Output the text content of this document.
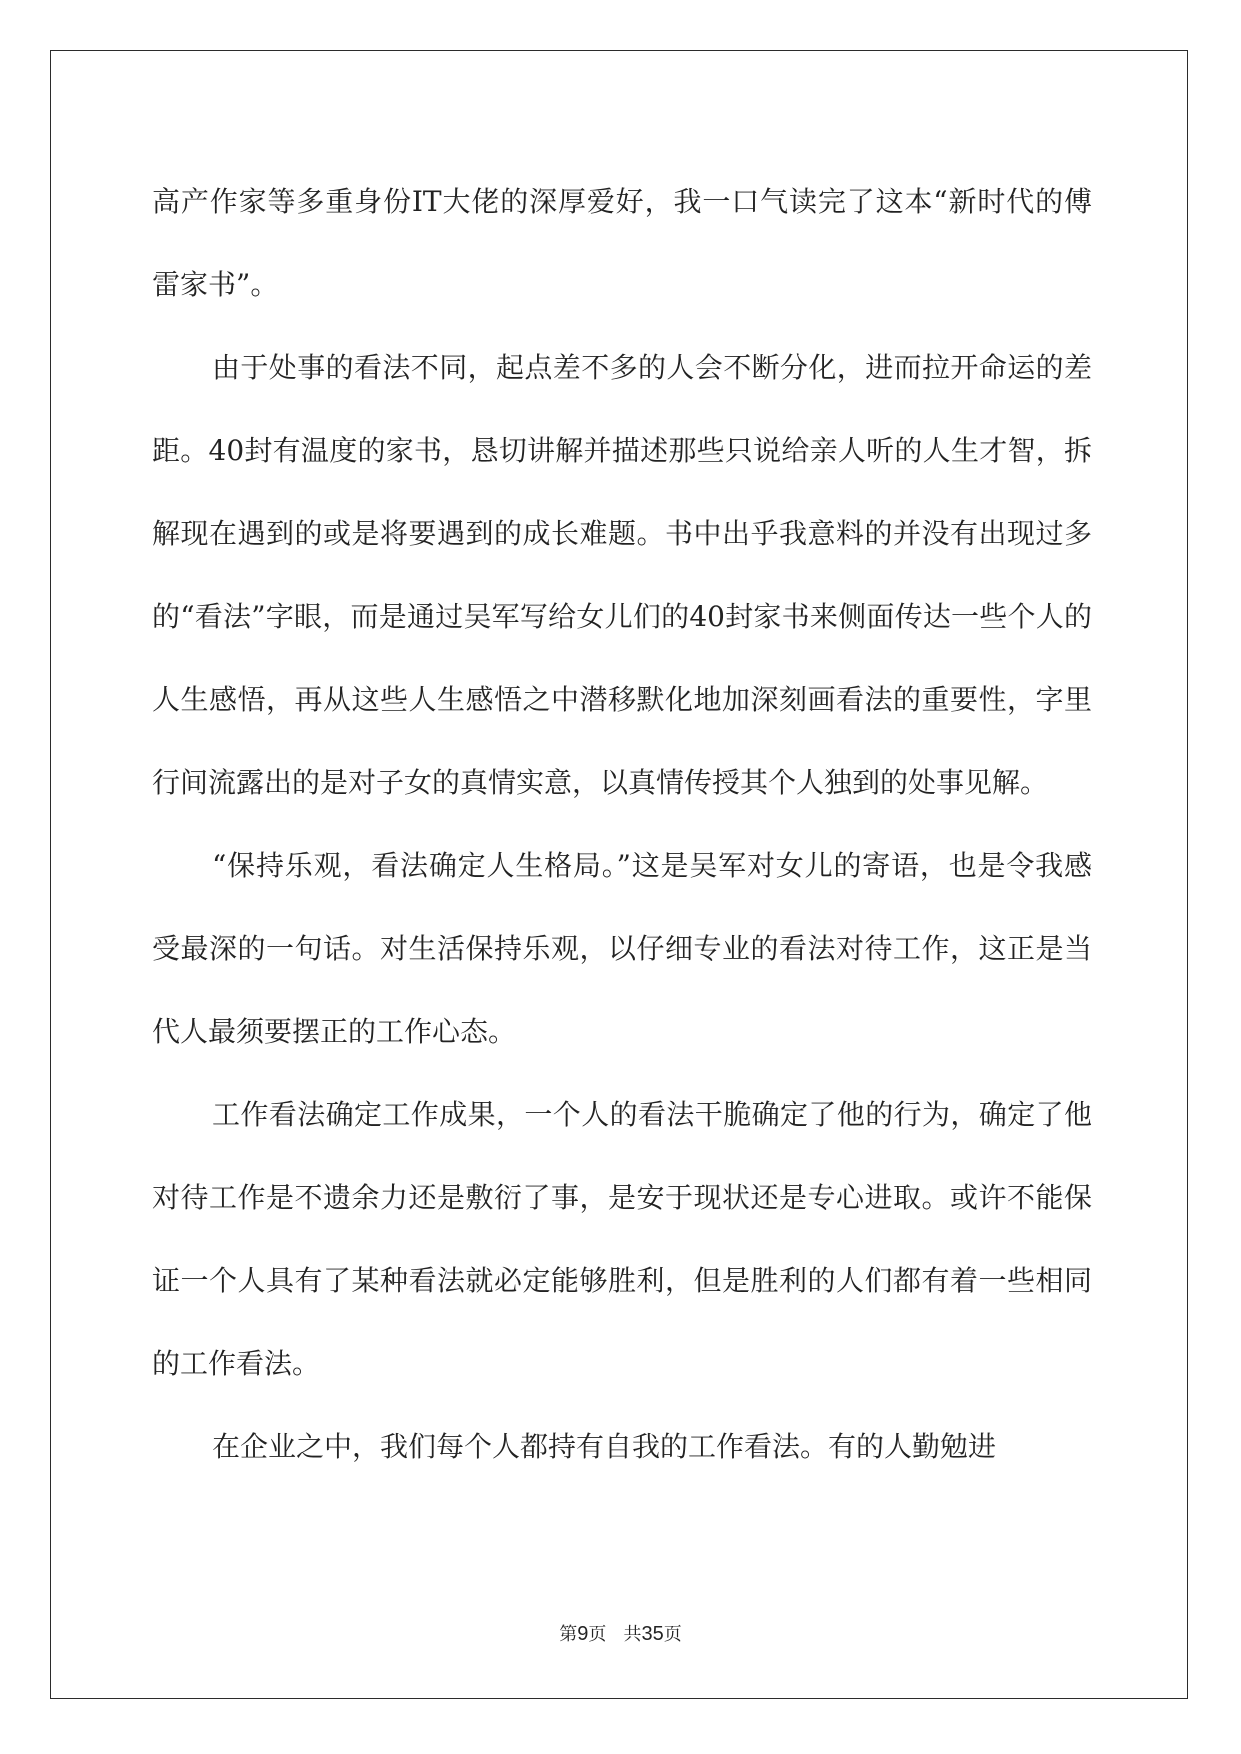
高产作家等多重身份IT大佬的深厚爱好，我一口气读完了这本“新时代的傅雷家书”。

由于处事的看法不同，起点差不多的人会不断分化，进而拉开命运的差距。40封有温度的家书，恳切讲解并描述那些只说给亲人听的人生才智，拆解现在遇到的或是将要遇到的成长难题。书中出乎我意料的并没有出现过多的“看法”字眼，而是通过吴军写给女儿们的40封家书来侧面传达一些个人的人生感悟，再从这些人生感悟之中潜移默化地加深刻画看法的重要性，字里行间流露出的是对子女的真情实意，以真情传授其个人独到的处事见解。

“保持乐观，看法确定人生格局。”这是吴军对女儿的寄语，也是令我感受最深的一句话。对生活保持乐观，以仔细专业的看法对待工作，这正是当代人最须要摆正的工作心态。

工作看法确定工作成果，一个人的看法干脆确定了他的行为，确定了他对待工作是不遗余力还是敷衍了事，是安于现状还是专心进取。或许不能保证一个人具有了某种看法就必定能够胜利，但是胜利的人们都有着一些相同的工作看法。

在企业之中，我们每个人都持有自我的工作看法。有的人勤勉进

第9页 共35页
